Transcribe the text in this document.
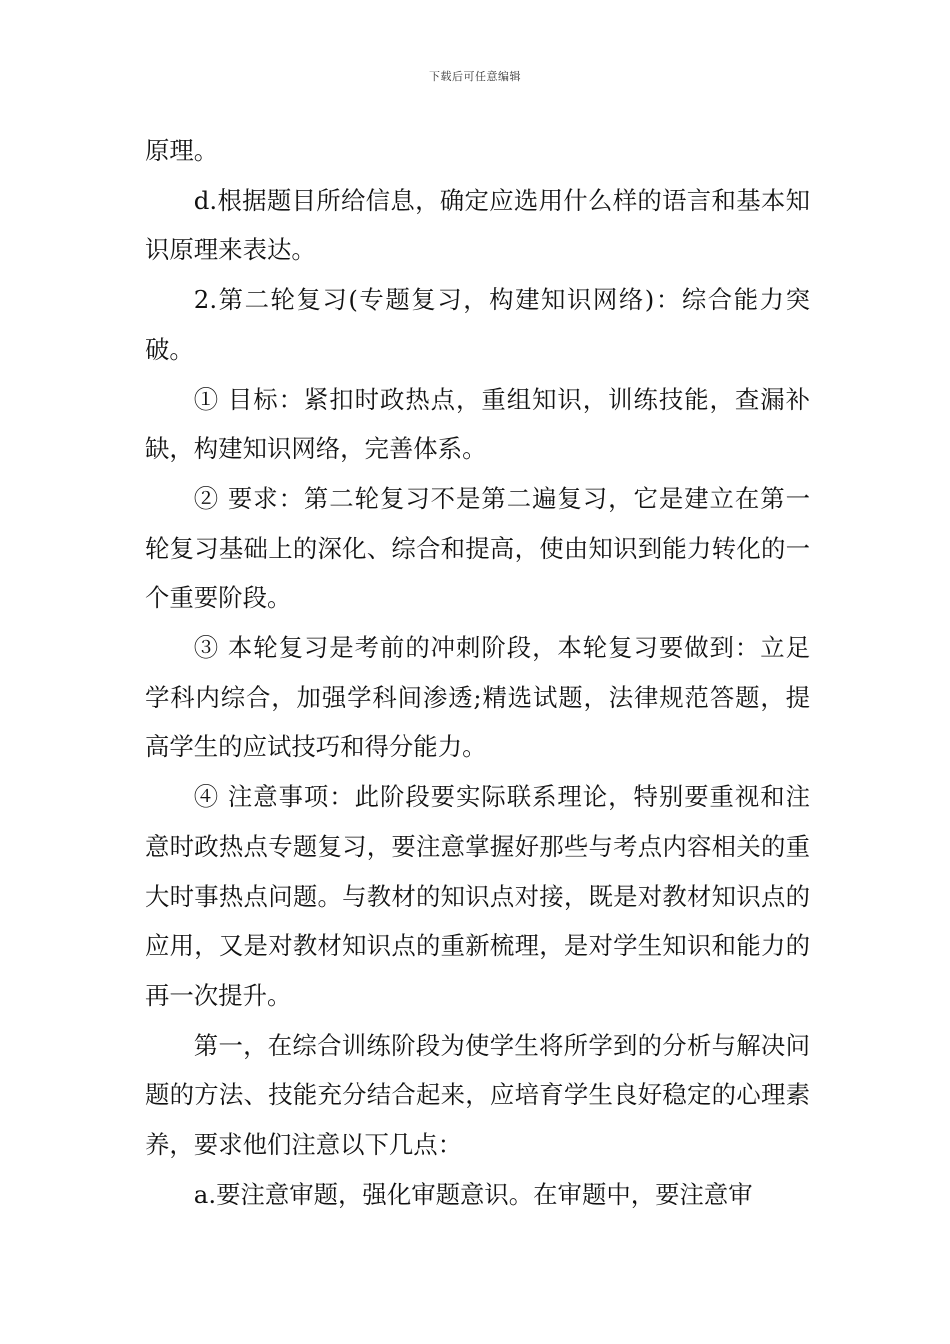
下载后可任意编辑

原理。

d.根据题目所给信息，确定应选用什么样的语言和基本知识原理来表达。

2.第二轮复习(专题复习，构建知识网络)：综合能力突破。

① 目标：紧扣时政热点，重组知识，训练技能，查漏补缺，构建知识网络，完善体系。

② 要求：第二轮复习不是第二遍复习，它是建立在第一轮复习基础上的深化、综合和提高，使由知识到能力转化的一个重要阶段。

③ 本轮复习是考前的冲刺阶段，本轮复习要做到：立足学科内综合，加强学科间渗透;精选试题，法律规范答题，提高学生的应试技巧和得分能力。

④ 注意事项：此阶段要实际联系理论，特别要重视和注意时政热点专题复习，要注意掌握好那些与考点内容相关的重大时事热点问题。与教材的知识点对接，既是对教材知识点的应用，又是对教材知识点的重新梳理，是对学生知识和能力的再一次提升。

第一，在综合训练阶段为使学生将所学到的分析与解决问题的方法、技能充分结合起来，应培育学生良好稳定的心理素养，要求他们注意以下几点：

a.要注意审题，强化审题意识。在审题中，要注意审
